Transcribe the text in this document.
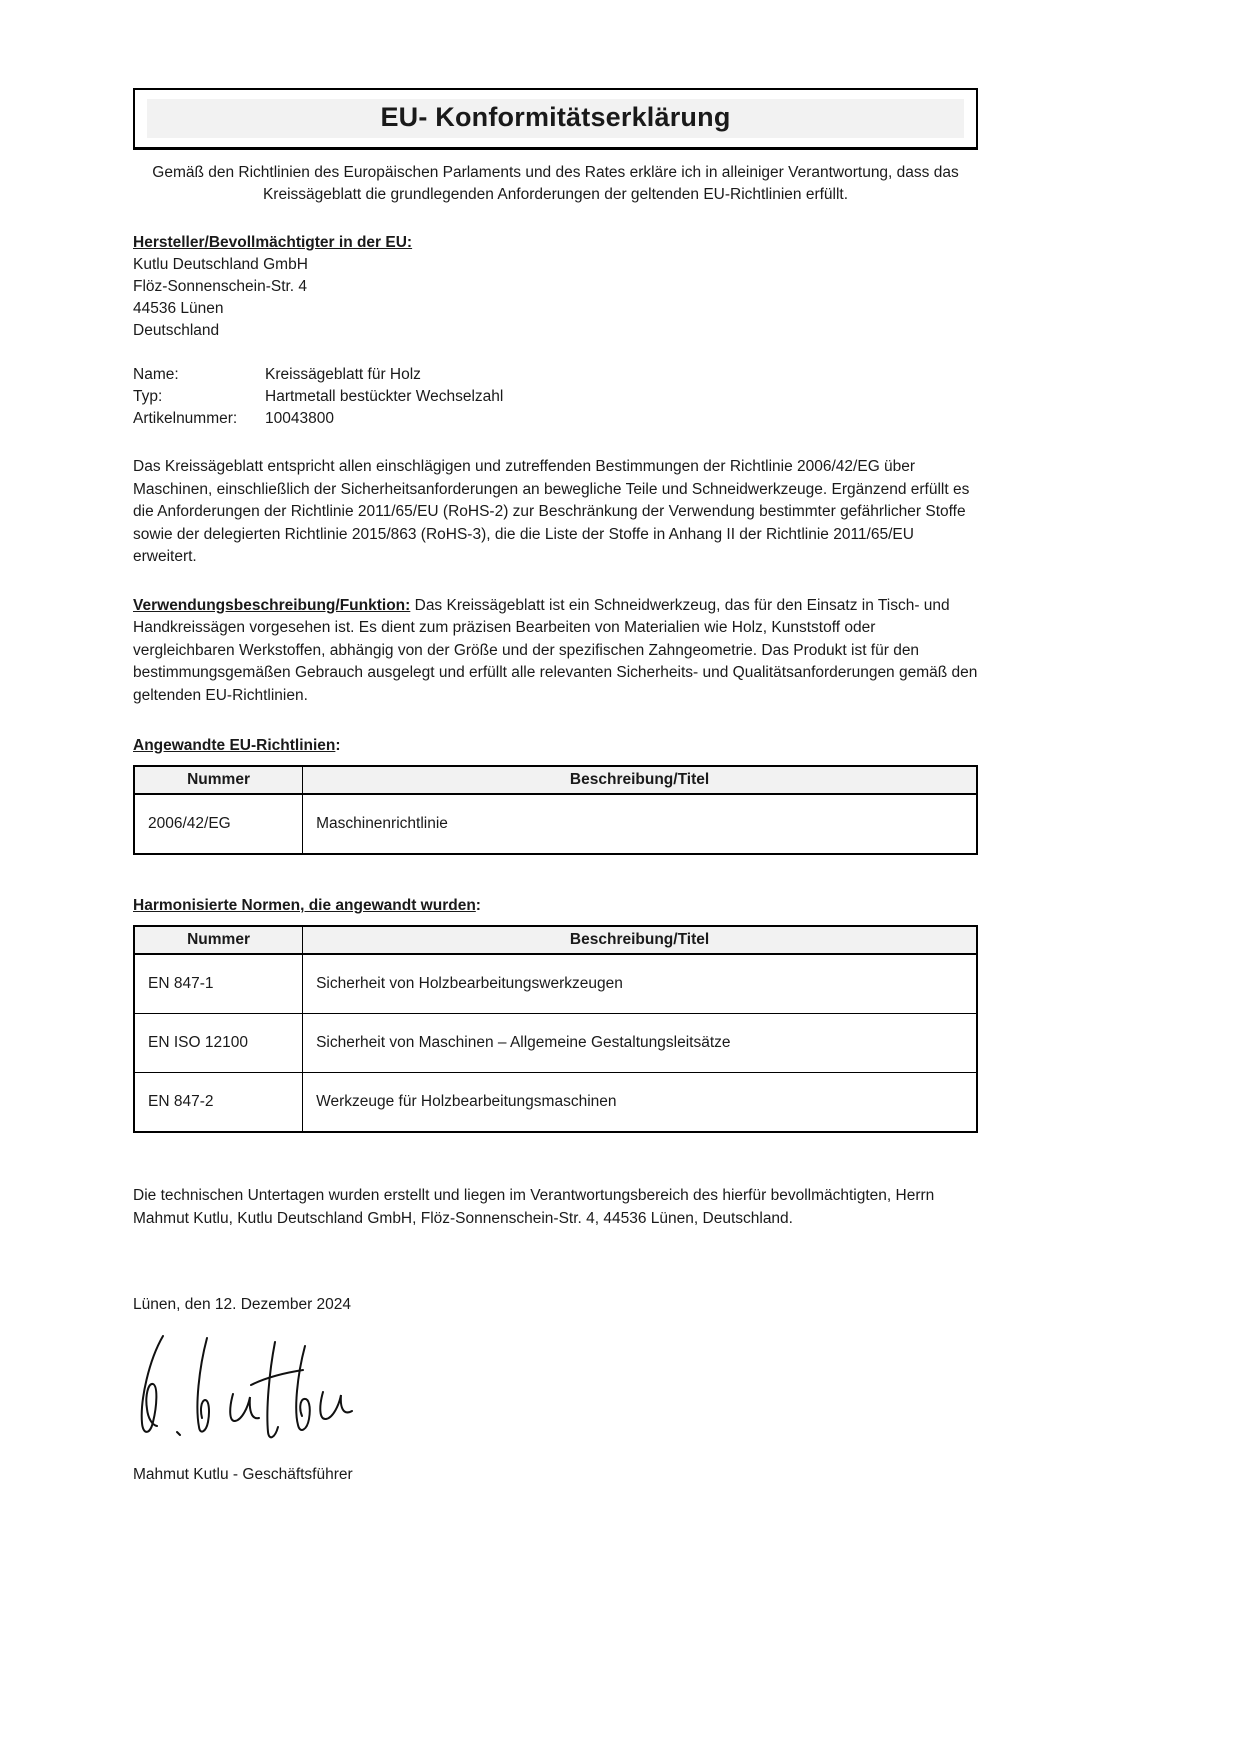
EU- Konformitätserklärung

Gemäß den Richtlinien des Europäischen Parlaments und des Rates erkläre ich in alleiniger Verantwortung, dass das Kreissägeblatt die grundlegenden Anforderungen der geltenden EU-Richtlinien erfüllt.

Hersteller/Bevollmächtigter in der EU:
Kutlu Deutschland GmbH
Flöz-Sonnenschein-Str. 4
44536 Lünen
Deutschland
Name:	Kreissägeblatt für Holz
Typ:	Hartmetall bestückter Wechselzahl
Artikelnummer:	10043800

Das Kreissägeblatt entspricht allen einschlägigen und zutreffenden Bestimmungen der Richtlinie 2006/42/EG über Maschinen, einschließlich der Sicherheitsanforderungen an bewegliche Teile und Schneidwerkzeuge. Ergänzend erfüllt es die Anforderungen der Richtlinie 2011/65/EU (RoHS-2) zur Beschränkung der Verwendung bestimmter gefährlicher Stoffe sowie der delegierten Richtlinie 2015/863 (RoHS-3), die die Liste der Stoffe in Anhang II der Richtlinie 2011/65/EU erweitert.

Verwendungsbeschreibung/Funktion: Das Kreissägeblatt ist ein Schneidwerkzeug, das für den Einsatz in Tisch- und Handkreissägen vorgesehen ist. Es dient zum präzisen Bearbeiten von Materialien wie Holz, Kunststoff oder vergleichbaren Werkstoffen, abhängig von der Größe und der spezifischen Zahngeometrie. Das Produkt ist für den bestimmungsgemäßen Gebrauch ausgelegt und erfüllt alle relevanten Sicherheits- und Qualitätsanforderungen gemäß den geltenden EU-Richtlinien.

Angewandte EU-Richtlinien:
Nummer	Beschreibung/Titel
2006/42/EG	Maschinenrichtlinie
Harmonisierte Normen, die angewandt wurden:
Nummer	Beschreibung/Titel
EN 847-1	Sicherheit von Holzbearbeitungswerkzeugen
EN ISO 12100	Sicherheit von Maschinen – Allgemeine Gestaltungsleitsätze
EN 847-2	Werkzeuge für Holzbearbeitungsmaschinen

Die technischen Untertagen wurden erstellt und liegen im Verantwortungsbereich des hierfür bevollmächtigten, Herrn Mahmut Kutlu, Kutlu Deutschland GmbH, Flöz-Sonnenschein-Str. 4, 44536 Lünen, Deutschland.

Lünen, den 12. Dezember 2024
Mahmut Kutlu - Geschäftsführer
